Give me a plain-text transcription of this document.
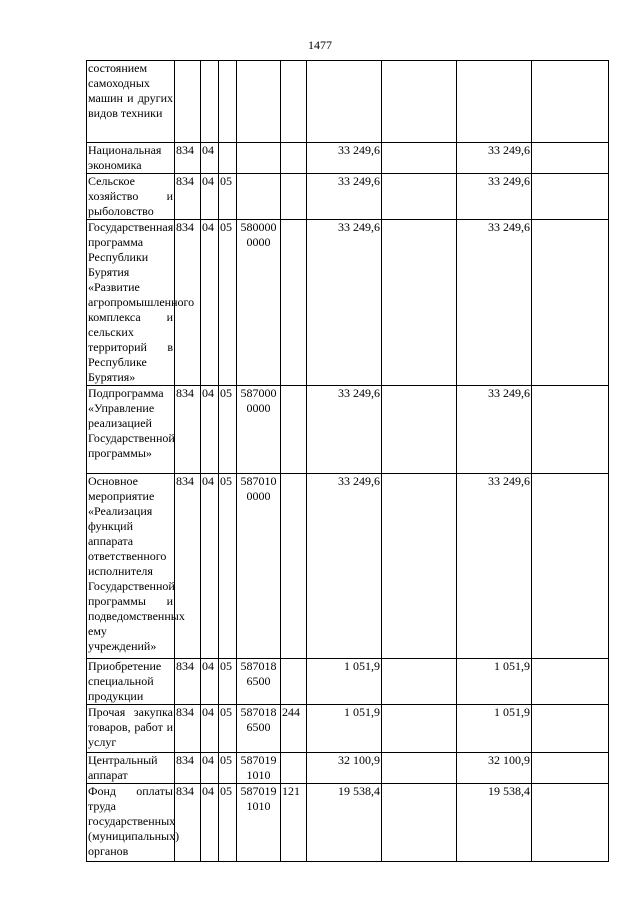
1477
состоянием самоходных машин и других видов техники									

Национальная экономика	834	04				33 249,6		33 249,6	

Сельское хозяйство и рыболовство	834	04	05			33 249,6		33 249,6	

Государственная программа Республики Бурятия «Развитие агропромышленного комплекса и сельских территорий в Республике Бурятия»	834	04	05	580000 0000		33 249,6		33 249,6	

Подпрограмма «Управление реализацией Государственной программы»	834	04	05	587000 0000		33 249,6		33 249,6	

Основное мероприятие «Реализация функций аппарата ответственного исполнителя Государственной программы и подведомственных ему учреждений»	834	04	05	587010 0000		33 249,6		33 249,6	

Приобретение специальной продукции	834	04	05	587018 6500		1 051,9		1 051,9	

Прочая закупка товаров, работ и услуг	834	04	05	587018 6500	244	1 051,9		1 051,9	

Центральный аппарат	834	04	05	587019 1010		32 100,9		32 100,9	

Фонд оплаты труда государственных (муниципальных) органов	834	04	05	587019 1010	121	19 538,4		19 538,4	
